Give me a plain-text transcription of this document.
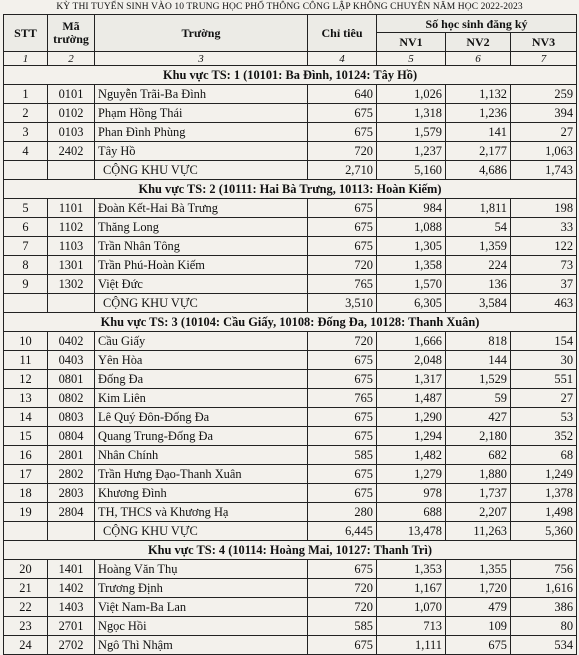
KỲ THI TUYỂN SINH VÀO 10 TRUNG HỌC PHỔ THÔNG CÔNG LẬP KHÔNG CHUYÊN NĂM HỌC 2022-2023
STT	Mã trường	Trường	Chỉ tiêu	Số học sinh đăng ký		
				NV1	NV2	NV3
1	2	3	4	5	6	7
Khu vực TS: 1 (10101: Ba Đình, 10124: Tây Hồ)						
1	0101	Nguyễn Trãi-Ba Đình	640	1,026	1,132	259
2	0102	Phạm Hồng Thái	675	1,318	1,236	394
3	0103	Phan Đình Phùng	675	1,579	141	27
4	2402	Tây Hồ	720	1,237	2,177	1,063
		CỘNG KHU VỰC	2,710	5,160	4,686	1,743
Khu vực TS: 2 (10111: Hai Bà Trưng, 10113: Hoàn Kiếm)						
5	1101	Đoàn Kết-Hai Bà Trưng	675	984	1,811	198
6	1102	Thăng Long	675	1,088	54	33
7	1103	Trần Nhân Tông	675	1,305	1,359	122
8	1301	Trần Phú-Hoàn Kiếm	720	1,358	224	73
9	1302	Việt Đức	765	1,570	136	37
		CỘNG KHU VỰC	3,510	6,305	3,584	463
Khu vực TS: 3 (10104: Cầu Giấy, 10108: Đống Đa, 10128: Thanh Xuân)						
10	0402	Cầu Giấy	720	1,666	818	154
11	0403	Yên Hòa	675	2,048	144	30
12	0801	Đống Đa	675	1,317	1,529	551
13	0802	Kim Liên	765	1,487	59	27
14	0803	Lê Quý Đôn-Đống Đa	675	1,290	427	53
15	0804	Quang Trung-Đống Đa	675	1,294	2,180	352
16	2801	Nhân Chính	585	1,482	682	68
17	2802	Trần Hưng Đạo-Thanh Xuân	675	1,279	1,880	1,249
18	2803	Khương Đình	675	978	1,737	1,378
19	2804	TH, THCS và Khương Hạ	280	688	2,207	1,498
		CỘNG KHU VỰC	6,445	13,478	11,263	5,360
Khu vực TS: 4 (10114: Hoàng Mai, 10127: Thanh Trì)						
20	1401	Hoàng Văn Thụ	675	1,353	1,355	756
21	1402	Trương Định	720	1,167	1,720	1,616
22	1403	Việt Nam-Ba Lan	720	1,070	479	386
23	2701	Ngọc Hồi	585	713	109	80
24	2702	Ngô Thì Nhậm	675	1,111	675	534
